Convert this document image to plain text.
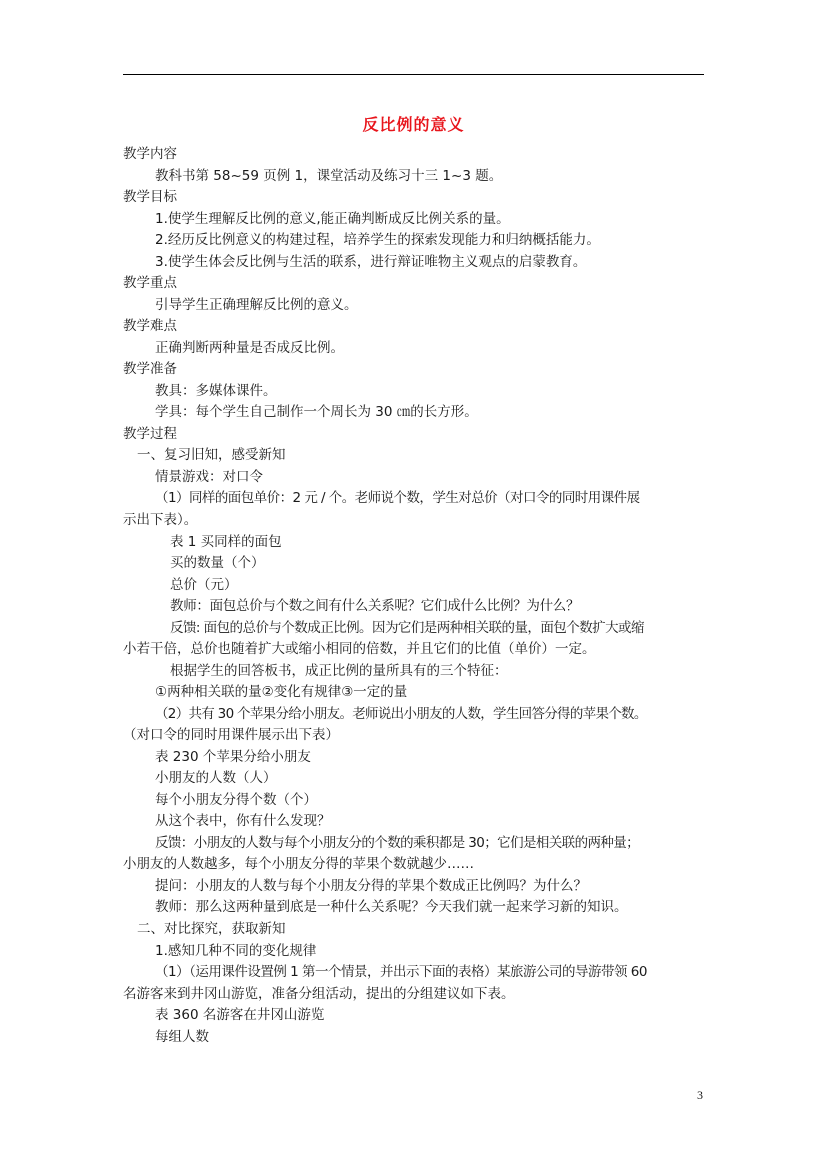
反比例的意义
教学内容
教科书第 58~59 页例 1，课堂活动及练习十三 1~3 题。
教学目标
1.使学生理解反比例的意义,能正确判断成反比例关系的量。
2.经历反比例意义的构建过程，培养学生的探索发现能力和归纳概括能力。
3.使学生体会反比例与生活的联系，进行辩证唯物主义观点的启蒙教育。
教学重点
引导学生正确理解反比例的意义。
教学难点
正确判断两种量是否成反比例。
教学准备
教具：多媒体课件。
学具：每个学生自己制作一个周长为 30 ㎝的长方形。
教学过程
一、复习旧知，感受新知
情景游戏：对口令
（1）同样的面包单价：2 元 / 个。老师说个数，学生对总价（对口令的同时用课件展
示出下表）。
表 1 买同样的面包
买的数量（个）
总价（元）
教师：面包总价与个数之间有什么关系呢？它们成什么比例？为什么？
反馈: 面包的总价与个数成正比例。因为它们是两种相关联的量，面包个数扩大或缩
小若干倍，总价也随着扩大或缩小相同的倍数，并且它们的比值（单价）一定。
根据学生的回答板书，成正比例的量所具有的三个特征：
①两种相关联的量②变化有规律③一定的量
（2）共有 30 个苹果分给小朋友。老师说出小朋友的人数，学生回答分得的苹果个数。
（对口令的同时用课件展示出下表）
表 230 个苹果分给小朋友
小朋友的人数（人）
每个小朋友分得个数（个）
从这个表中，你有什么发现？
反馈：小朋友的人数与每个小朋友分的个数的乘积都是 30；它们是相关联的两种量；
小朋友的人数越多，每个小朋友分得的苹果个数就越少……
提问：小朋友的人数与每个小朋友分得的苹果个数成正比例吗？为什么？
教师：那么这两种量到底是一种什么关系呢？今天我们就一起来学习新的知识。
二、对比探究，获取新知
1.感知几种不同的变化规律
（1）（运用课件设置例 1 第一个情景，并出示下面的表格）某旅游公司的导游带领 60
名游客来到井冈山游览，准备分组活动，提出的分组建议如下表。
表 360 名游客在井冈山游览
每组人数
3
